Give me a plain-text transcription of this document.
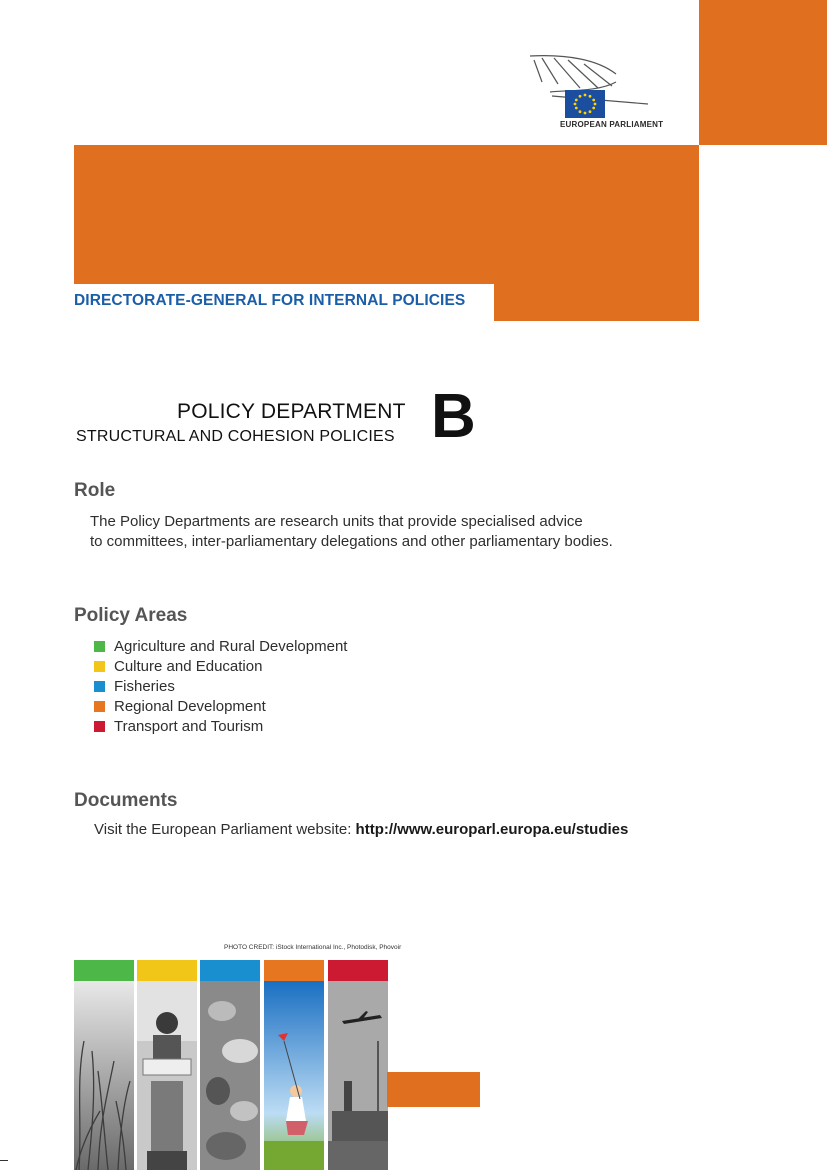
EUROPEAN PARLIAMENT
DIRECTORATE-GENERAL FOR INTERNAL POLICIES
POLICY DEPARTMENT
STRUCTURAL AND COHESION POLICIES B
Role
The Policy Departments are research units that provide specialised advice
to committees, inter-parliamentary delegations and other parliamentary bodies.
Policy Areas
Agriculture and Rural Development
Culture and Education
Fisheries
Regional Development
Transport and Tourism
Documents
Visit the European Parliament website: http://www.europarl.europa.eu/studies
PHOTO CREDIT: iStock International Inc., Photodisk, Phovoir
